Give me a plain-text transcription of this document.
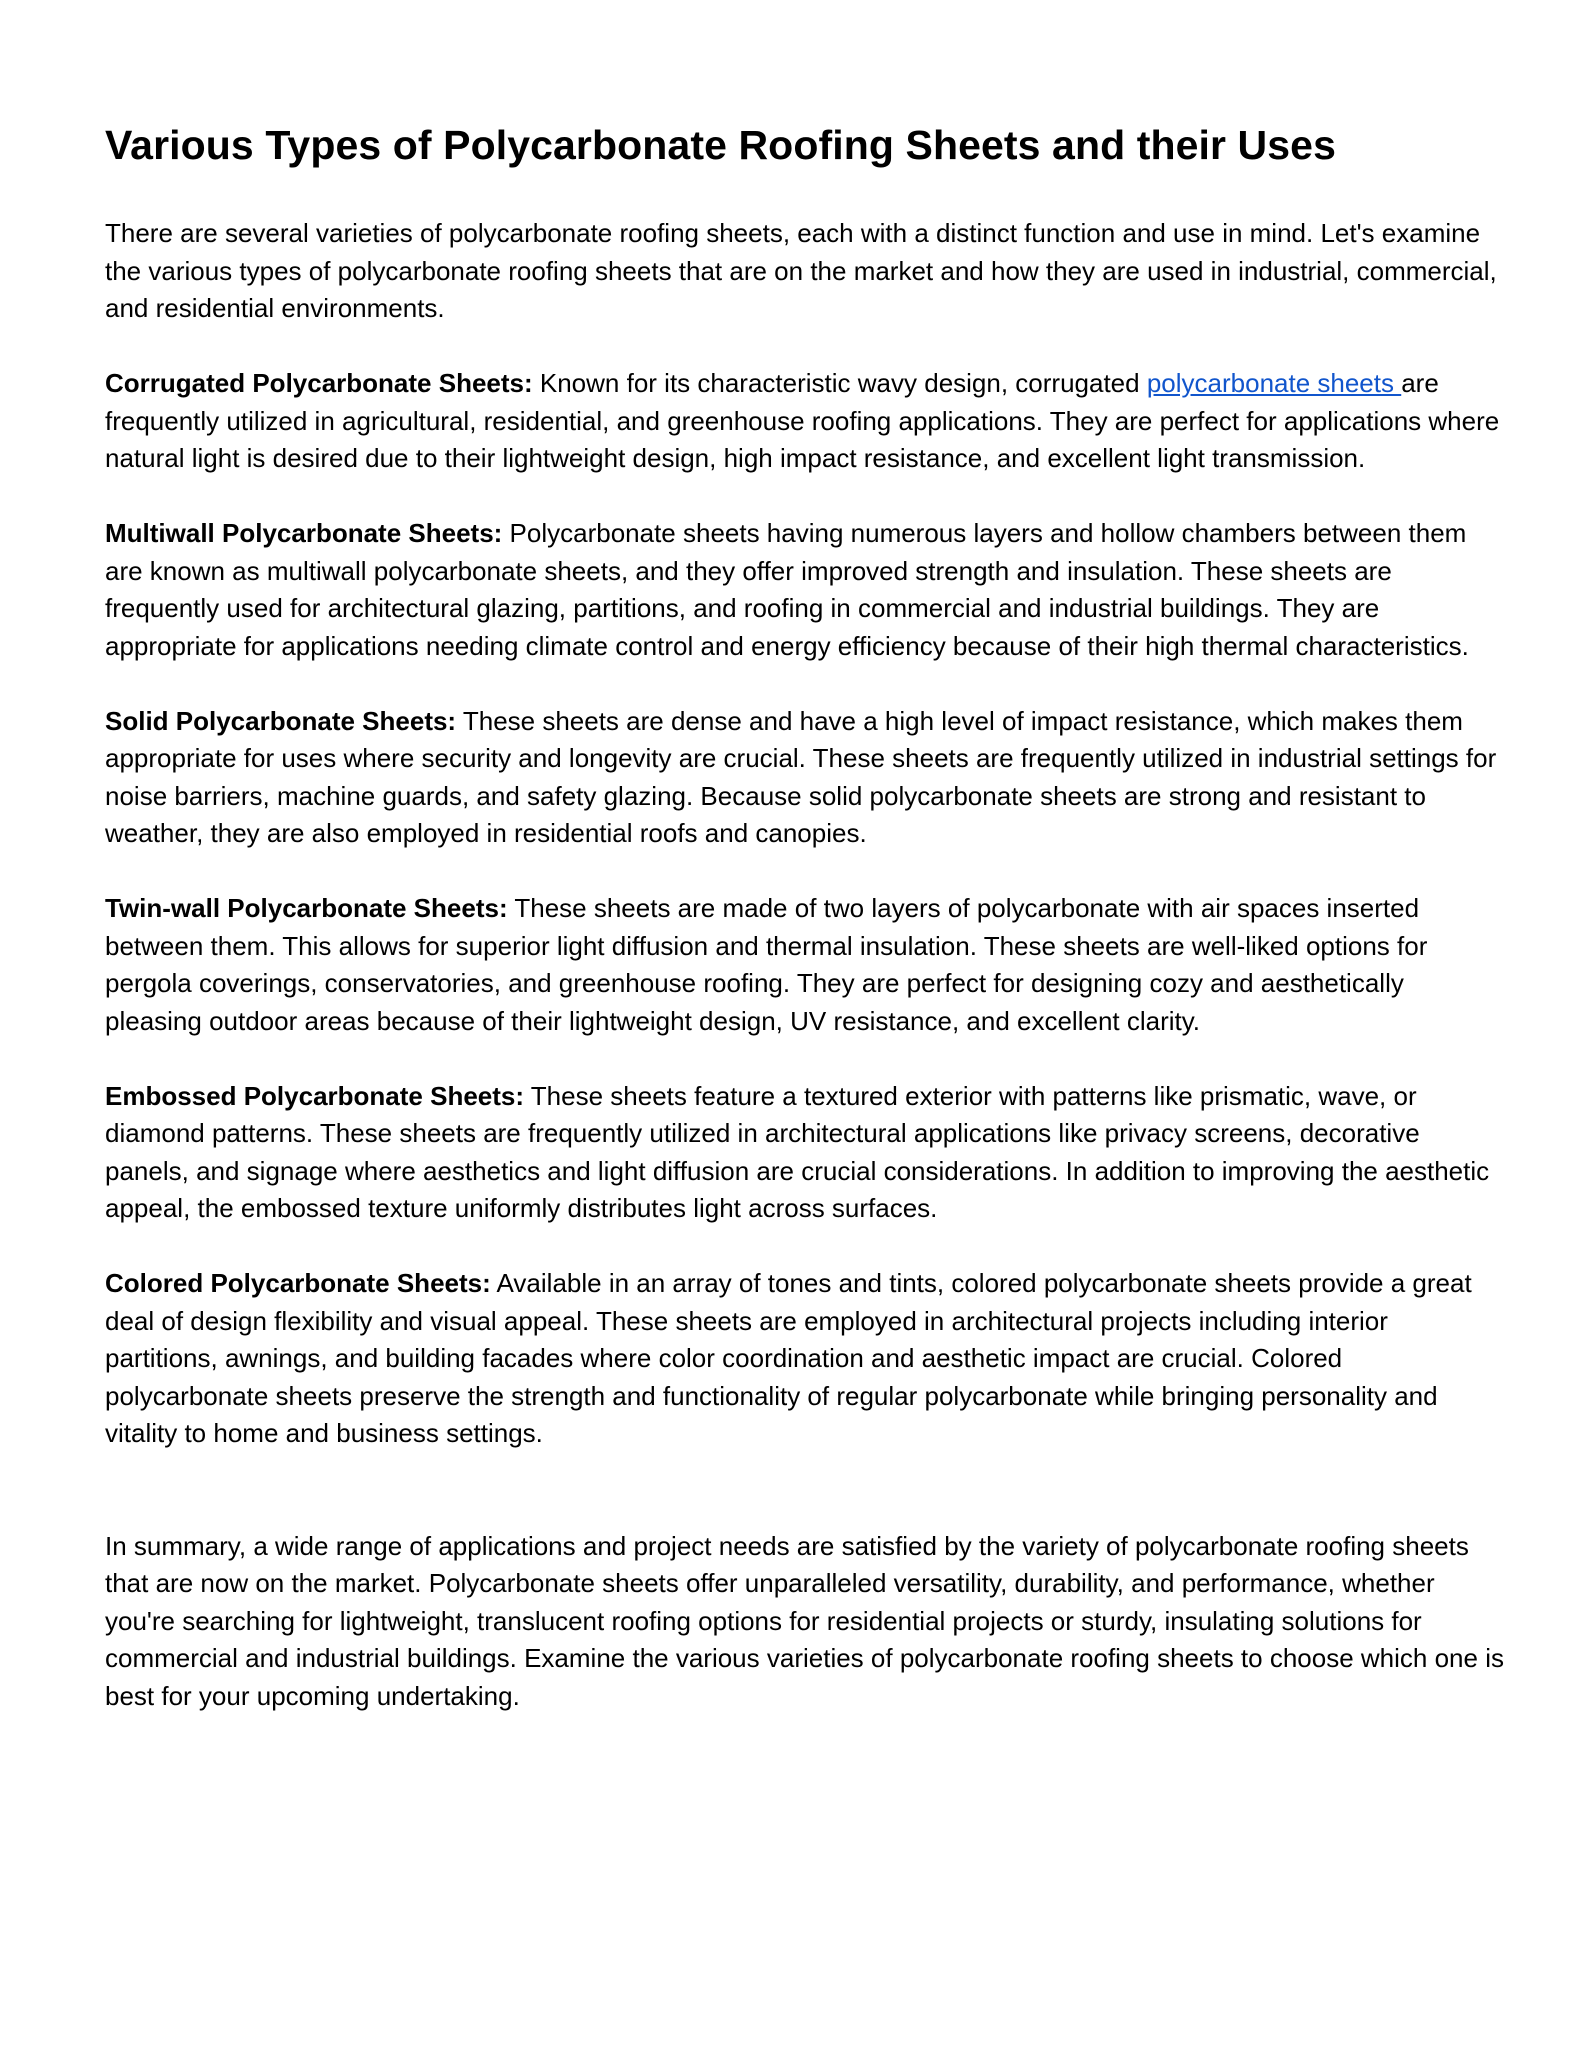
Various Types of Polycarbonate Roofing Sheets and their Uses

There are several varieties of polycarbonate roofing sheets, each with a distinct function and use in mind. Let's examine the various types of polycarbonate roofing sheets that are on the market and how they are used in industrial, commercial, and residential environments.

Corrugated Polycarbonate Sheets: Known for its characteristic wavy design, corrugated polycarbonate sheets are frequently utilized in agricultural, residential, and greenhouse roofing applications. They are perfect for applications where natural light is desired due to their lightweight design, high impact resistance, and excellent light transmission.

Multiwall Polycarbonate Sheets: Polycarbonate sheets having numerous layers and hollow chambers between them are known as multiwall polycarbonate sheets, and they offer improved strength and insulation. These sheets are frequently used for architectural glazing, partitions, and roofing in commercial and industrial buildings. They are appropriate for applications needing climate control and energy efficiency because of their high thermal characteristics.

Solid Polycarbonate Sheets: These sheets are dense and have a high level of impact resistance, which makes them appropriate for uses where security and longevity are crucial. These sheets are frequently utilized in industrial settings for noise barriers, machine guards, and safety glazing. Because solid polycarbonate sheets are strong and resistant to weather, they are also employed in residential roofs and canopies.

Twin-wall Polycarbonate Sheets: These sheets are made of two layers of polycarbonate with air spaces inserted between them. This allows for superior light diffusion and thermal insulation. These sheets are well-liked options for pergola coverings, conservatories, and greenhouse roofing. They are perfect for designing cozy and aesthetically pleasing outdoor areas because of their lightweight design, UV resistance, and excellent clarity.

Embossed Polycarbonate Sheets: These sheets feature a textured exterior with patterns like prismatic, wave, or diamond patterns. These sheets are frequently utilized in architectural applications like privacy screens, decorative panels, and signage where aesthetics and light diffusion are crucial considerations. In addition to improving the aesthetic appeal, the embossed texture uniformly distributes light across surfaces.

Colored Polycarbonate Sheets: Available in an array of tones and tints, colored polycarbonate sheets provide a great deal of design flexibility and visual appeal. These sheets are employed in architectural projects including interior partitions, awnings, and building facades where color coordination and aesthetic impact are crucial. Colored polycarbonate sheets preserve the strength and functionality of regular polycarbonate while bringing personality and vitality to home and business settings.

In summary, a wide range of applications and project needs are satisfied by the variety of polycarbonate roofing sheets that are now on the market. Polycarbonate sheets offer unparalleled versatility, durability, and performance, whether you're searching for lightweight, translucent roofing options for residential projects or sturdy, insulating solutions for commercial and industrial buildings. Examine the various varieties of polycarbonate roofing sheets to choose which one is best for your upcoming undertaking.
